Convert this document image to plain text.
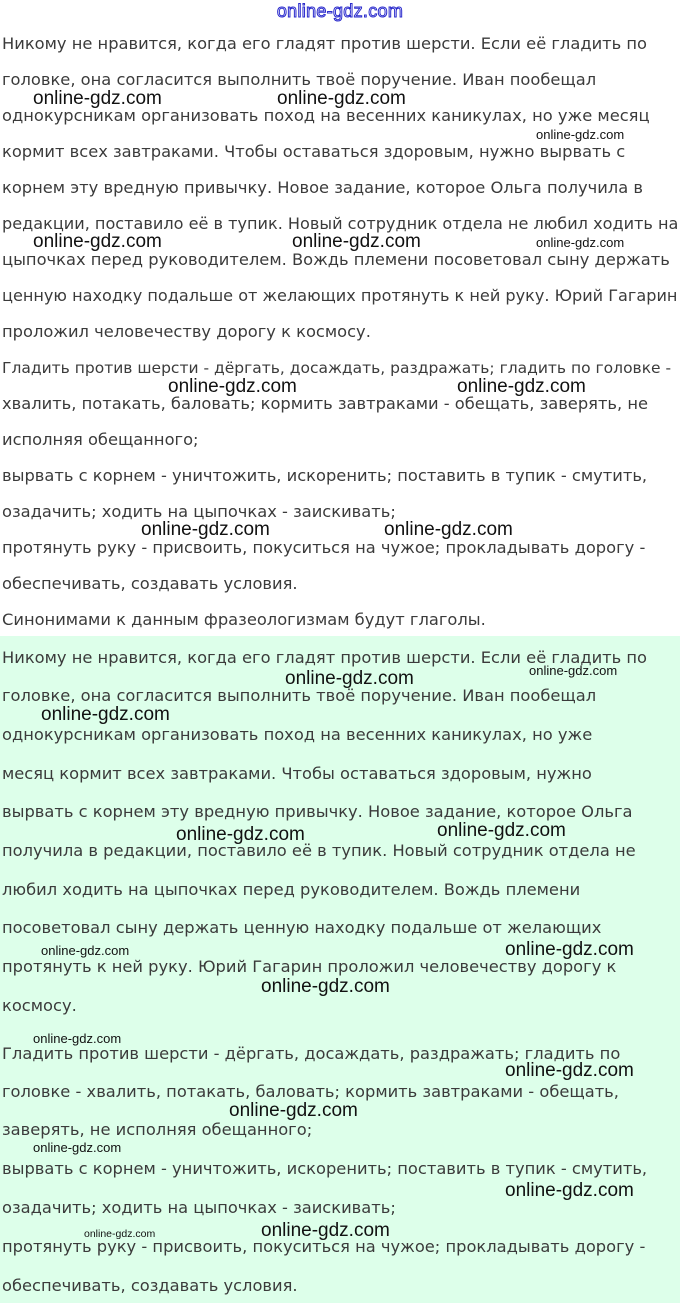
online-gdz.com
Никому не нравится, когда его гладят против шерсти. Если её гладить по
головке, она согласится выполнить твоё поручение. Иван пообещал
однокурсникам организовать поход на весенних каникулах, но уже месяц
кормит всех завтраками. Чтобы оставаться здоровым, нужно вырвать с
корнем эту вредную привычку. Новое задание, которое Ольга получила в
редакции, поставило её в тупик. Новый сотрудник отдела не любил ходить на
цыпочках перед руководителем. Вождь племени посоветовал сыну держать
ценную находку подальше от желающих протянуть к ней руку. Юрий Гагарин
проложил человечеству дорогу к космосу.
Гладить против шерсти - дёргать, досаждать, раздражать; гладить по головке -
хвалить, потакать, баловать; кормить завтраками - обещать, заверять, не
исполняя обещанного;
вырвать с корнем - уничтожить, искоренить; поставить в тупик - смутить,
озадачить; ходить на цыпочках - заискивать;
протянуть руку - присвоить, покуситься на чужое; прокладывать дорогу -
обеспечивать, создавать условия.
Синонимами к данным фразеологизмам будут глаголы.
Никому не нравится, когда его гладят против шерсти. Если её гладить по
головке, она согласится выполнить твоё поручение. Иван пообещал
однокурсникам организовать поход на весенних каникулах, но уже
месяц кормит всех завтраками. Чтобы оставаться здоровым, нужно
вырвать с корнем эту вредную привычку. Новое задание, которое Ольга
получила в редакции, поставило её в тупик. Новый сотрудник отдела не
любил ходить на цыпочках перед руководителем. Вождь племени
посоветовал сыну держать ценную находку подальше от желающих
протянуть к ней руку. Юрий Гагарин проложил человечеству дорогу к
космосу.
Гладить против шерсти - дёргать, досаждать, раздражать; гладить по
головке - хвалить, потакать, баловать; кормить завтраками - обещать,
заверять, не исполняя обещанного;
вырвать с корнем - уничтожить, искоренить; поставить в тупик - смутить,
озадачить; ходить на цыпочках - заискивать;
протянуть руку - присвоить, покуситься на чужое; прокладывать дорогу -
обеспечивать, создавать условия.
online-gdz.com	online-gdz.com
online-gdz.com
online-gdz.com	online-gdz.com	online-gdz.com
online-gdz.com	online-gdz.com
online-gdz.com	online-gdz.com
online-gdz.com	online-gdz.com
online-gdz.com
online-gdz.com	online-gdz.com
online-gdz.com	online-gdz.com
online-gdz.com
online-gdz.com
online-gdz.com
online-gdz.com
online-gdz.com
online-gdz.com
online-gdz.com	online-gdz.com
